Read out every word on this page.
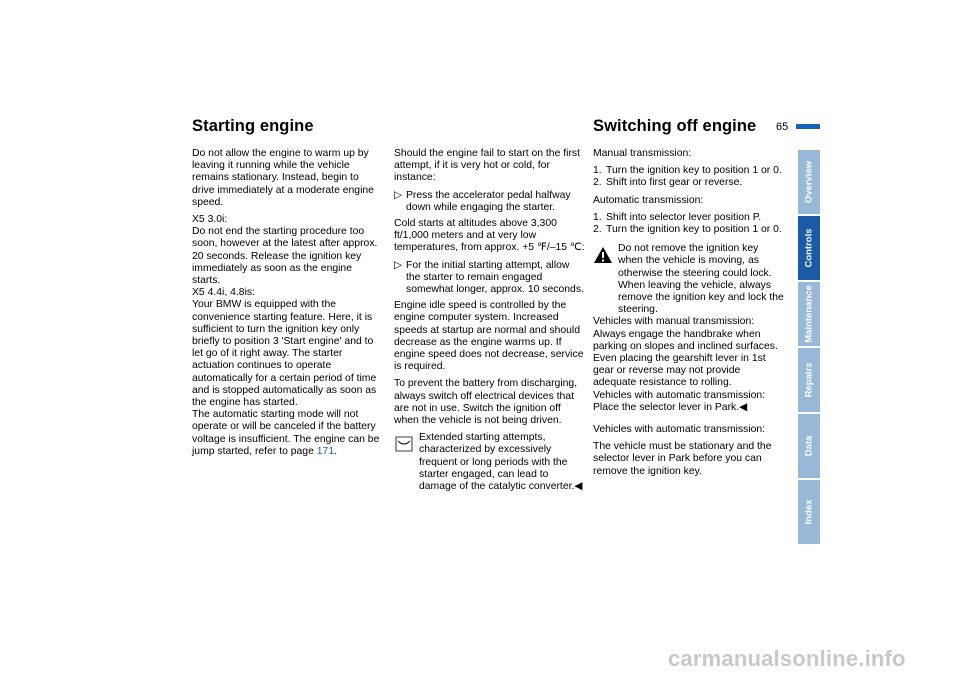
Starting engine	Switching off engine 65

Do not allow the engine to warm up by leaving it running while the vehicle remains stationary. Instead, begin to drive immediately at a moderate engine speed.

X5 3.0i:

Do not end the starting procedure too soon, however at the latest after approx. 20 seconds. Release the ignition key immediately as soon as the engine starts.

X5 4.4i, 4.8is:

Your BMW is equipped with the convenience starting feature. Here, it is sufficient to turn the ignition key only briefly to position 3 'Start engine' and to let go of it right away. The starter actuation continues to operate automatically for a certain period of time and is stopped automatically as soon as the engine has started.

The automatic starting mode will not operate or will be canceled if the battery voltage is insufficient. The engine can be jump started, refer to page 171.

Should the engine fail to start on the first attempt, if it is very hot or cold, for instance:

▷ Press the accelerator pedal halfway down while engaging the starter.

Cold starts at altitudes above 3,300 ft/1,000 meters and at very low temperatures, from approx. +5 ℉/–15 ℃:

▷ For the initial starting attempt, allow the starter to remain engaged somewhat longer, approx. 10 seconds.

Engine idle speed is controlled by the engine computer system. Increased speeds at startup are normal and should decrease as the engine warms up. If engine speed does not decrease, service is required.

To prevent the battery from discharging, always switch off electrical devices that are not in use. Switch the ignition off when the vehicle is not being driven.

Extended starting attempts, characterized by excessively frequent or long periods with the starter engaged, can lead to damage of the catalytic converter.◀

Manual transmission:

1. Turn the ignition key to position 1 or 0.
2. Shift into first gear or reverse.

Automatic transmission:

1. Shift into selector lever position P.
2. Turn the ignition key to position 1 or 0.
Do not remove the ignition key when the vehicle is moving, as otherwise the steering could lock. When leaving the vehicle, always remove the ignition key and lock the steering.
Vehicles with manual transmission: Always engage the handbrake when parking on slopes and inclined surfaces. Even placing the gearshift lever in 1st gear or reverse may not provide adequate resistance to rolling.
Vehicles with automatic transmission: Place the selector lever in Park.◀

Vehicles with automatic transmission:

The vehicle must be stationary and the selector lever in Park before you can remove the ignition key.

Overview
Controls
Maintenance
Repairs
Data
Index
carmanualsonline.info
